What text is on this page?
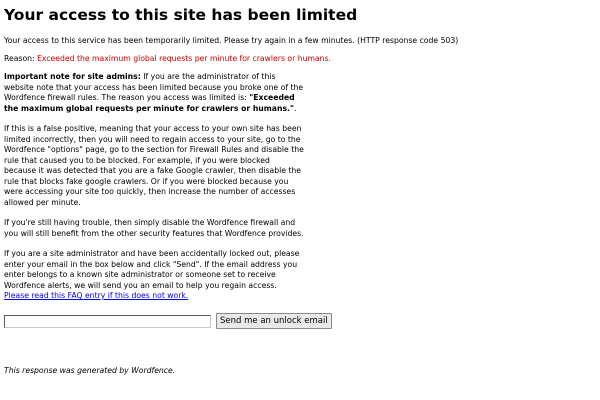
Your access to this site has been limited

Your access to this service has been temporarily limited. Please try again in a few minutes. (HTTP response code 503)

Reason: Exceeded the maximum global requests per minute for crawlers or humans.

Important note for site admins: If you are the administrator of this website note that your access has been limited because you broke one of the Wordfence firewall rules. The reason you access was limited is: "Exceeded the maximum global requests per minute for crawlers or humans.".

If this is a false positive, meaning that your access to your own site has been limited incorrectly, then you will need to regain access to your site, go to the Wordfence "options" page, go to the section for Firewall Rules and disable the rule that caused you to be blocked. For example, if you were blocked because it was detected that you are a fake Google crawler, then disable the rule that blocks fake google crawlers. Or if you were blocked because you were accessing your site too quickly, then increase the number of accesses allowed per minute.

If you're still having trouble, then simply disable the Wordfence firewall and you will still benefit from the other security features that Wordfence provides.

If you are a site administrator and have been accidentally locked out, please enter your email in the box below and click "Send". If the email address you enter belongs to a known site administrator or someone set to receive Wordfence alerts, we will send you an email to help you regain access. Please read this FAQ entry if this does not work.

Send me an unlock email
This response was generated by Wordfence.
